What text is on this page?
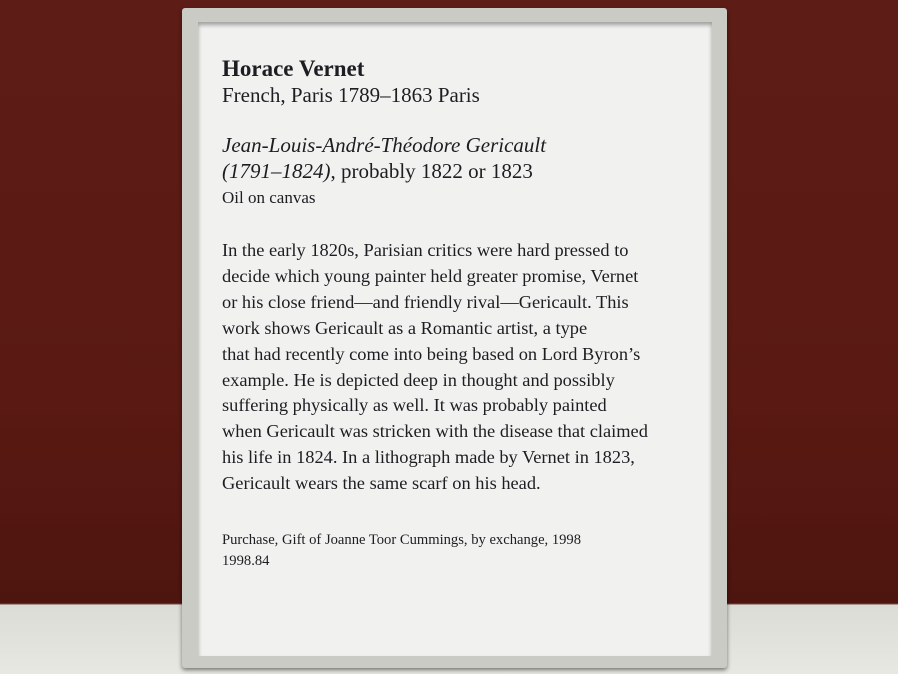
Horace Vernet
French, Paris 1789–1863 Paris
Jean-Louis-André-Théodore Gericault
(1791–1824), probably 1822 or 1823
Oil on canvas
In the early 1820s, Parisian critics were hard pressed to
decide which young painter held greater promise, Vernet
or his close friend—and friendly rival—Gericault. This
work shows Gericault as a Romantic artist, a type
that had recently come into being based on Lord Byron’s
example. He is depicted deep in thought and possibly
suffering physically as well. It was probably painted
when Gericault was stricken with the disease that claimed
his life in 1824. In a lithograph made by Vernet in 1823,
Gericault wears the same scarf on his head.
Purchase, Gift of Joanne Toor Cummings, by exchange, 1998
1998.84
